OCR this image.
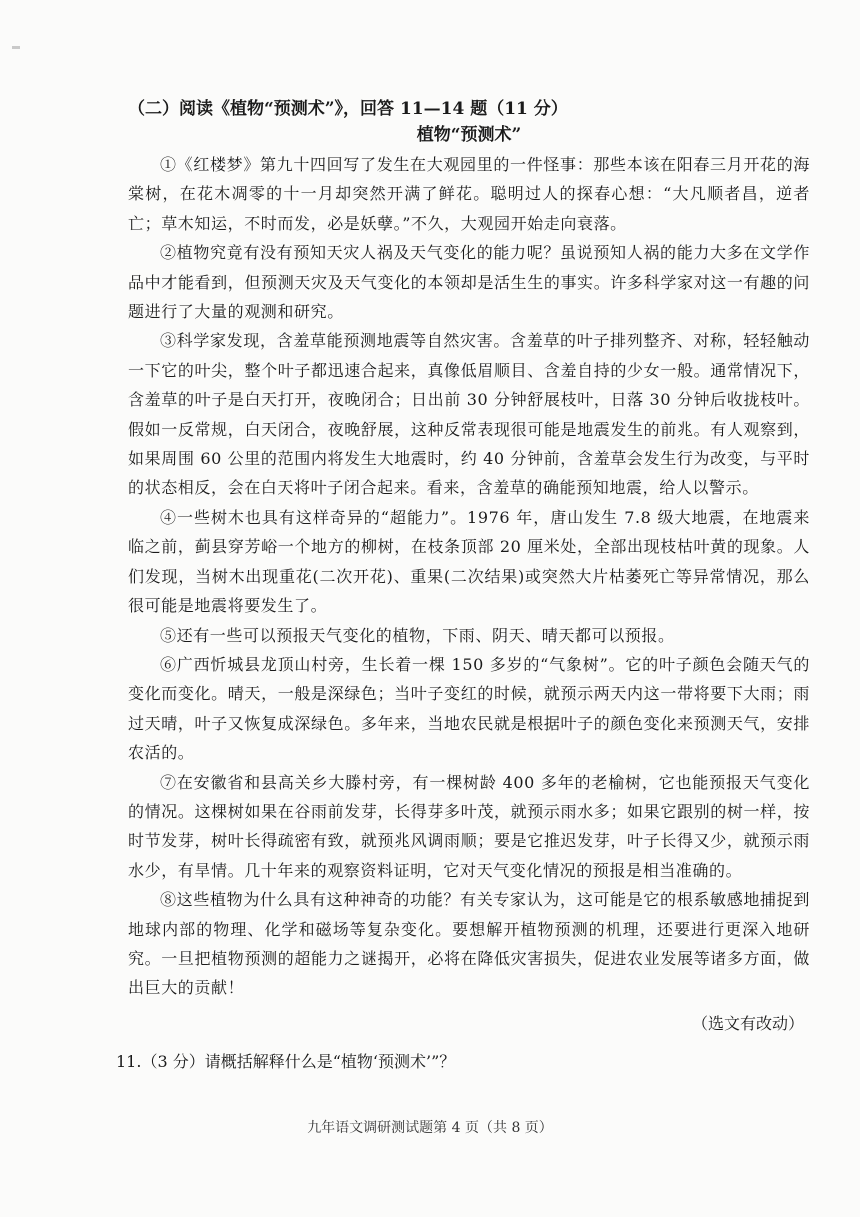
（二）阅读《植物“预测术”》，回答 11—14 题（11 分）

植物“预测术”

①《红楼梦》第九十四回写了发生在大观园里的一件怪事：那些本该在阳春三月开花的海棠树，在花木凋零的十一月却突然开满了鲜花。聪明过人的探春心想：“大凡顺者昌，逆者亡；草木知运，不时而发，必是妖孽。”不久，大观园开始走向衰落。

②植物究竟有没有预知天灾人祸及天气变化的能力呢？虽说预知人祸的能力大多在文学作品中才能看到，但预测天灾及天气变化的本领却是活生生的事实。许多科学家对这一有趣的问题进行了大量的观测和研究。

③科学家发现，含羞草能预测地震等自然灾害。含羞草的叶子排列整齐、对称，轻轻触动一下它的叶尖，整个叶子都迅速合起来，真像低眉顺目、含羞自持的少女一般。通常情况下，含羞草的叶子是白天打开，夜晚闭合；日出前 30 分钟舒展枝叶，日落 30 分钟后收拢枝叶。假如一反常规，白天闭合，夜晚舒展，这种反常表现很可能是地震发生的前兆。有人观察到，如果周围 60 公里的范围内将发生大地震时，约 40 分钟前，含羞草会发生行为改变，与平时的状态相反，会在白天将叶子闭合起来。看来，含羞草的确能预知地震，给人以警示。

④一些树木也具有这样奇异的“超能力”。1976 年，唐山发生 7.8 级大地震，在地震来临之前，蓟县穿芳峪一个地方的柳树，在枝条顶部 20 厘米处，全部出现枝枯叶黄的现象。人们发现，当树木出现重花(二次开花)、重果(二次结果)或突然大片枯萎死亡等异常情况，那么很可能是地震将要发生了。

⑤还有一些可以预报天气变化的植物，下雨、阴天、晴天都可以预报。

⑥广西忻城县龙顶山村旁，生长着一棵 150 多岁的“气象树”。它的叶子颜色会随天气的变化而变化。晴天，一般是深绿色；当叶子变红的时候，就预示两天内这一带将要下大雨；雨过天晴，叶子又恢复成深绿色。多年来，当地农民就是根据叶子的颜色变化来预测天气，安排农活的。

⑦在安徽省和县高关乡大滕村旁，有一棵树龄 400 多年的老榆树，它也能预报天气变化的情况。这棵树如果在谷雨前发芽，长得芽多叶茂，就预示雨水多；如果它跟别的树一样，按时节发芽，树叶长得疏密有致，就预兆风调雨顺；要是它推迟发芽，叶子长得又少，就预示雨水少，有旱情。几十年来的观察资料证明，它对天气变化情况的预报是相当准确的。

⑧这些植物为什么具有这种神奇的功能？有关专家认为，这可能是它的根系敏感地捕捉到地球内部的物理、化学和磁场等复杂变化。要想解开植物预测的机理，还要进行更深入地研究。一旦把植物预测的超能力之谜揭开，必将在降低灾害损失，促进农业发展等诸多方面，做出巨大的贡献！

（选文有改动）

11.（3 分）请概括解释什么是“植物‘预测术’”？

九年语文调研测试题第 4 页（共 8 页）
